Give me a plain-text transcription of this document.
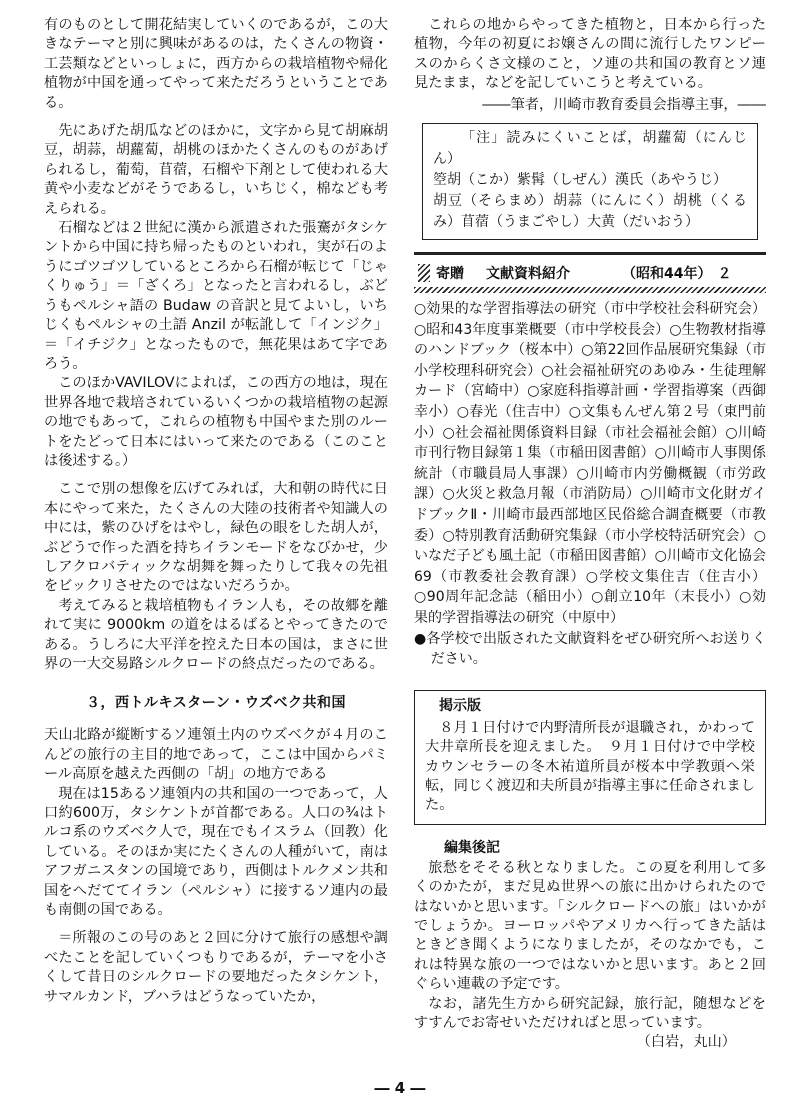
有のものとして開花結実していくのであるが，この大きなテーマと別に興味があるのは，たくさんの物資・工芸類などといっしょに，西方からの栽培植物や帰化植物が中国を通ってやって来ただろうということである。

先にあげた胡瓜などのほかに，文字から見て胡麻胡豆，胡蒜，胡蘿蔔，胡桃のほかたくさんのものがあげられるし，葡萄，苜蓿，石榴や下剤として使われる大黄や小麦などがそうであるし，いちじく，棉なども考えられる。

石榴などは２世紀に漢から派遣された張騫がタシケントから中国に持ち帰ったものといわれ，実が石のようにゴツゴツしているところから石榴が転じて「じゃくりゅう」＝「ざくろ」となったと言われるし，ぶどうもペルシャ語の Budaw の音訳と見てよいし，いちじくもペルシャの土語 Anzil が転訛して「インジク」＝「イチジク」となったもので，無花果はあて字であろう。

このほかVAVILOVによれば，この西方の地は，現在世界各地で栽培されているいくつかの栽培植物の起源の地でもあって，これらの植物も中国やまた別のルートをたどって日本にはいって来たのである（このことは後述する。）

ここで別の想像を広げてみれば，大和朝の時代に日本にやって来た，たくさんの大陸の技術者や知識人の中には，紫のひげをはやし，緑色の眼をした胡人が，ぶどうで作った酒を持ちイランモードをなびかせ，少しアクロバティックな胡舞を舞ったりして我々の先祖をビックリさせたのではないだろうか。

考えてみると栽培植物もイラン人も，その故郷を離れて実に 9000km の道をはるばるとやってきたのである。うしろに大平洋を控えた日本の国は，まさに世界の一大交易路シルクロードの終点だったのである。

３，西トルキスターン・ウズベク共和国

天山北路が縦断するソ連領土内のウズベクが４月のこんどの旅行の主目的地であって，ここは中国からパミール高原を越えた西側の「胡」の地方である

現在は15あるソ連領内の共和国の一つであって，人口約600万，タシケントが首都である。人口の¾はトルコ系のウズベク人で，現在でもイスラム（回教）化している。そのほか実にたくさんの人種がいて，南はアフガニスタンの国境であり，西側はトルクメン共和国をへだててイラン（ペルシャ）に接するソ連内の最も南側の国である。

＝所報のこの号のあと２回に分けて旅行の感想や調べたことを記していくつもりであるが，テーマを小さくして昔日のシルクロードの要地だったタシケント，サマルカンド，ブハラはどうなっていたか，

これらの地からやってきた植物と，日本から行った植物，今年の初夏にお嬢さんの間に流行したワンピースのからくさ文様のこと，ソ連の共和国の教育とソ連見たまま，などを記していこうと考えている。

――筆者，川崎市教育委員会指導主事，――

「注」読みにくいことば，胡蘿蔔（にんじん）

箜胡（こか）紫髯（しぜん）漢氏（あやうじ）

胡豆（そらまめ）胡蒜（にんにく）胡桃（くるみ）苜蓿（うまごやし）大黄（だいおう）

寄贈 文献資料紹介	（昭和44年） ２

○効果的な学習指導法の研究（市中学校社会科研究会）○昭和43年度事業概要（市中学校長会）○生物教材指導のハンドブック（桜本中）○第22回作品展研究集録（市小学校理科研究会）○社会福祉研究のあゆみ・生徒理解カード（宮崎中）○家庭科指導計画・学習指導案（西御幸小）○春光（住吉中）○文集もんぜん第２号（東門前小）○社会福祉関係資料目録（市社会福祉会館）○川崎市刊行物目録第１集（市稲田図書館）○川崎市人事関係統計（市職員局人事課）○川崎市内労働概観（市労政課）○火災と救急月報（市消防局）○川崎市文化財ガイドブックⅡ・川崎市最西部地区民俗総合調査概要（市教委）○特別教育活動研究集録（市小学校特活研究会）○いなだ子ども風土記（市稲田図書館）○川崎市文化協会69（市教委社会教育課）○学校文集住吉（住吉小）○90周年記念誌（稲田小）○創立10年（末長小）○効果的学習指導法の研究（中原中）

●各学校で出版された文献資料をぜひ研究所へお送りください。

掲示版

８月１日付けで内野清所長が退職され，かわって大井章所長を迎えました。　９月１日付けで中学校カウンセラーの冬木祐道所員が桜本中学教頭へ栄転，同じく渡辺和夫所員が指導主事に任命されました。

編集後記

旅愁をそそる秋となりました。この夏を利用して多くのかたが，まだ見ぬ世界への旅に出かけられたのではないかと思います。「シルクロードへの旅」はいかがでしょうか。ヨーロッパやアメリカへ行ってきた話はときどき聞くようになりましたが，そのなかでも，これは特異な旅の一つではないかと思います。あと２回ぐらい連載の予定です。

なお，諸先生方から研究記録，旅行記，随想などをすすんでお寄せいただければと思っています。

（白岩，丸山）

― 4 ―
